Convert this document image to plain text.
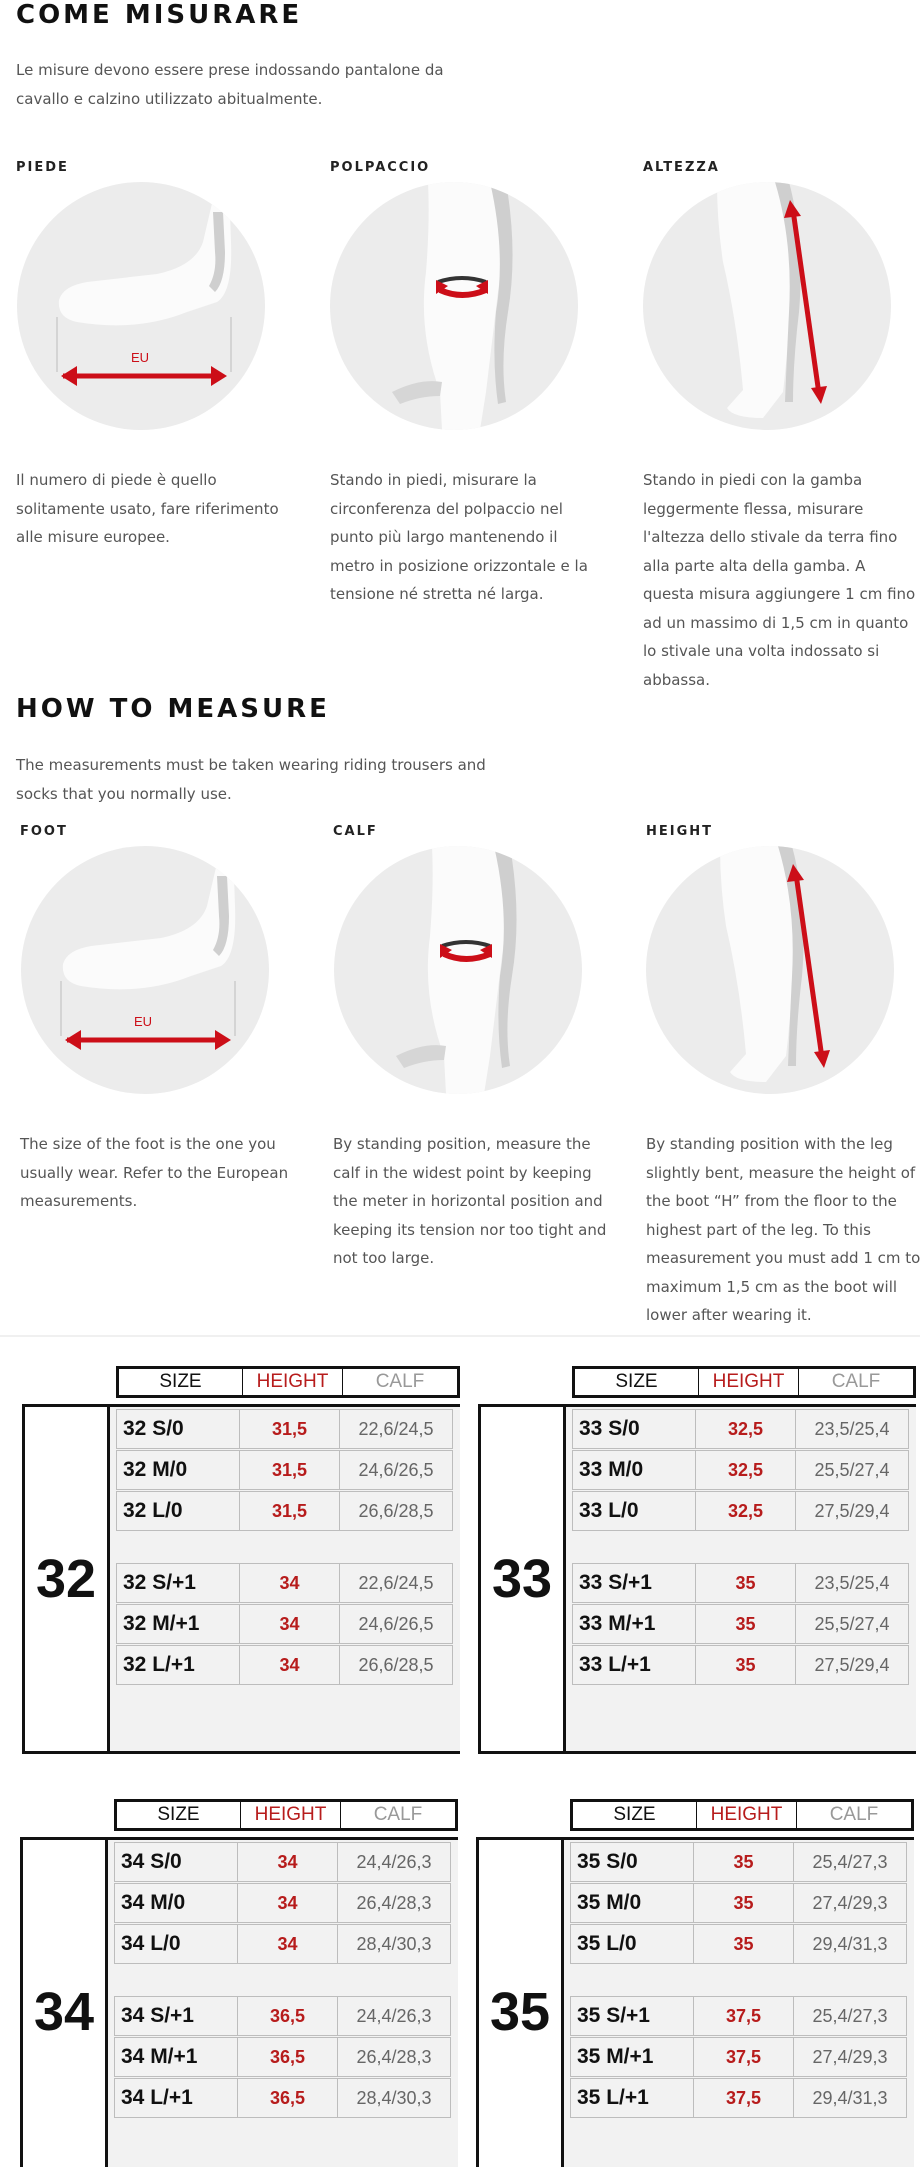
COME MISURARE

Le misure devono essere prese indossando pantalone da cavallo e calzino utilizzato abitualmente.

PIEDE	POLPACCIO	ALTEZZA
EU

Il numero di piede è quello solitamente usato, fare riferimento alle misure europee.

Stando in piedi, misurare la circonferenza del polpaccio nel punto più largo mantenendo il metro in posizione orizzontale e la tensione né stretta né larga.

Stando in piedi con la gamba leggermente flessa, misurare l'altezza dello stivale da terra fino alla parte alta della gamba. A questa misura aggiungere 1 cm fino ad un massimo di 1,5 cm in quanto lo stivale una volta indossato si abbassa.

HOW TO MEASURE

The measurements must be taken wearing riding trousers and socks that you normally use.

FOOT	CALF	HEIGHT
EU

The size of the foot is the one you usually wear. Refer to the European measurements.

By standing position, measure the calf in the widest point by keeping the meter in horizontal position and keeping its tension nor too tight and not too large.

By standing position with the leg slightly bent, measure the height of the boot “H” from the floor to the highest part of the leg. To this measurement you must add 1 cm to maximum 1,5 cm as the boot will lower after wearing it.

SIZE	HEIGHT	CALF
32
32 S/0	31,5	22,6/24,5
32 M/0	31,5	24,6/26,5
32 L/0	31,5	26,6/28,5
32 S/+1	34	22,6/24,5
32 M/+1	34	24,6/26,5
32 L/+1	34	26,6/28,5
SIZE	HEIGHT	CALF
33
33 S/0	32,5	23,5/25,4
33 M/0	32,5	25,5/27,4
33 L/0	32,5	27,5/29,4
33 S/+1	35	23,5/25,4
33 M/+1	35	25,5/27,4
33 L/+1	35	27,5/29,4
SIZE	HEIGHT	CALF
34
34 S/0	34	24,4/26,3
34 M/0	34	26,4/28,3
34 L/0	34	28,4/30,3
34 S/+1	36,5	24,4/26,3
34 M/+1	36,5	26,4/28,3
34 L/+1	36,5	28,4/30,3
SIZE	HEIGHT	CALF
35
35 S/0	35	25,4/27,3
35 M/0	35	27,4/29,3
35 L/0	35	29,4/31,3
35 S/+1	37,5	25,4/27,3
35 M/+1	37,5	27,4/29,3
35 L/+1	37,5	29,4/31,3
